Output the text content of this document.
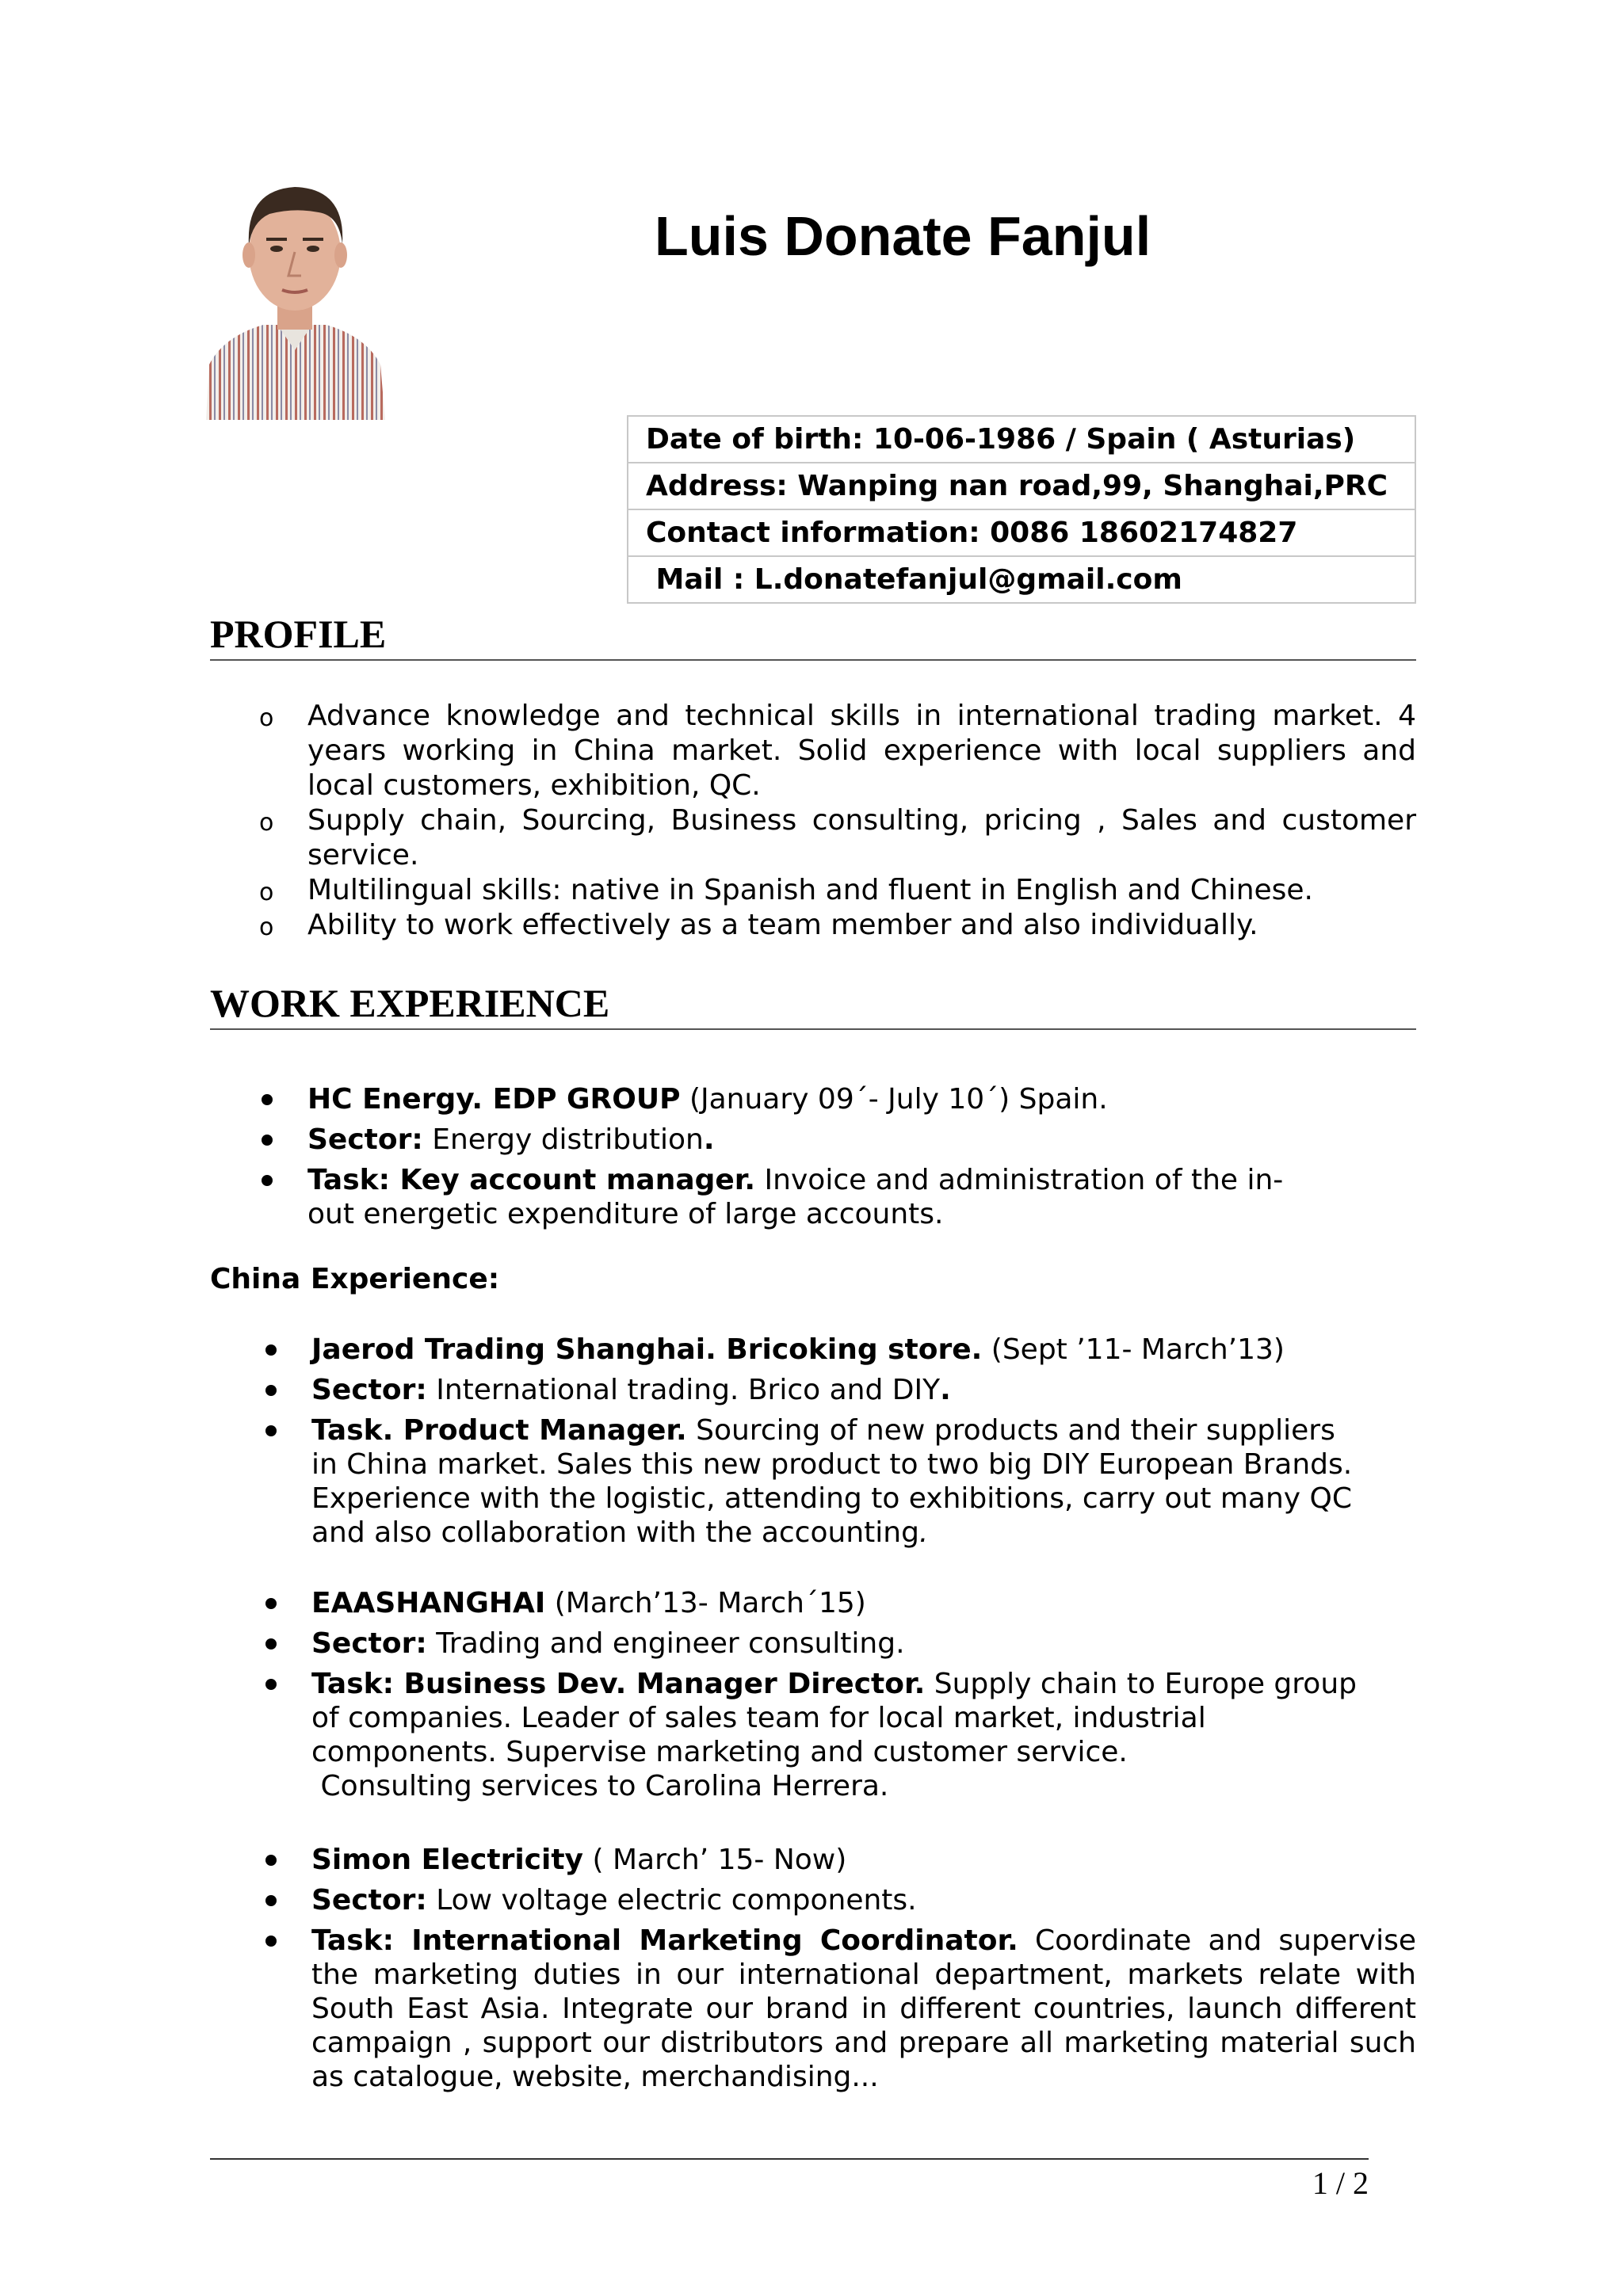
Luis Donate Fanjul
Date of birth: 10-06-1986 / Spain ( Asturias)
Address: Wanping nan road,99, Shanghai,PRC
Contact information: 0086 18602174827
Mail : L.donatefanjul@gmail.com
PROFILE
o Advance knowledge and technical skills in international trading market. 4 years working in China market. Solid experience with local suppliers and local customers, exhibition, QC.
o Supply chain, Sourcing, Business consulting, pricing , Sales and customer service.
o Multilingual skills: native in Spanish and fluent in English and Chinese.
o Ability to work effectively as a team member and also individually.
WORK EXPERIENCE
HC Energy. EDP GROUP (January 09´- July 10´) Spain.
Sector: Energy distribution.
Task: Key account manager. Invoice and administration of the in-out energetic expenditure of large accounts.
China Experience:
Jaerod Trading Shanghai. Bricoking store. (Sept ’11- March’13)
Sector: International trading. Brico and DIY.
Task. Product Manager. Sourcing of new products and their suppliers in China market. Sales this new product to two big DIY European Brands. Experience with the logistic, attending to exhibitions, carry out many QC and also collaboration with the accounting.
EAASHANGHAI (March’13- March´15)
Sector: Trading and engineer consulting.
Task: Business Dev. Manager Director. Supply chain to Europe group of companies. Leader of sales team for local market, industrial components. Supervise marketing and customer service.
Consulting services to Carolina Herrera.
Simon Electricity ( March’ 15- Now)
Sector: Low voltage electric components.
Task: International Marketing Coordinator. Coordinate and supervise the marketing duties in our international department, markets relate with South East Asia. Integrate our brand in different countries, launch different campaign , support our distributors and prepare all marketing material such as catalogue, website, merchandising...
1 / 2
